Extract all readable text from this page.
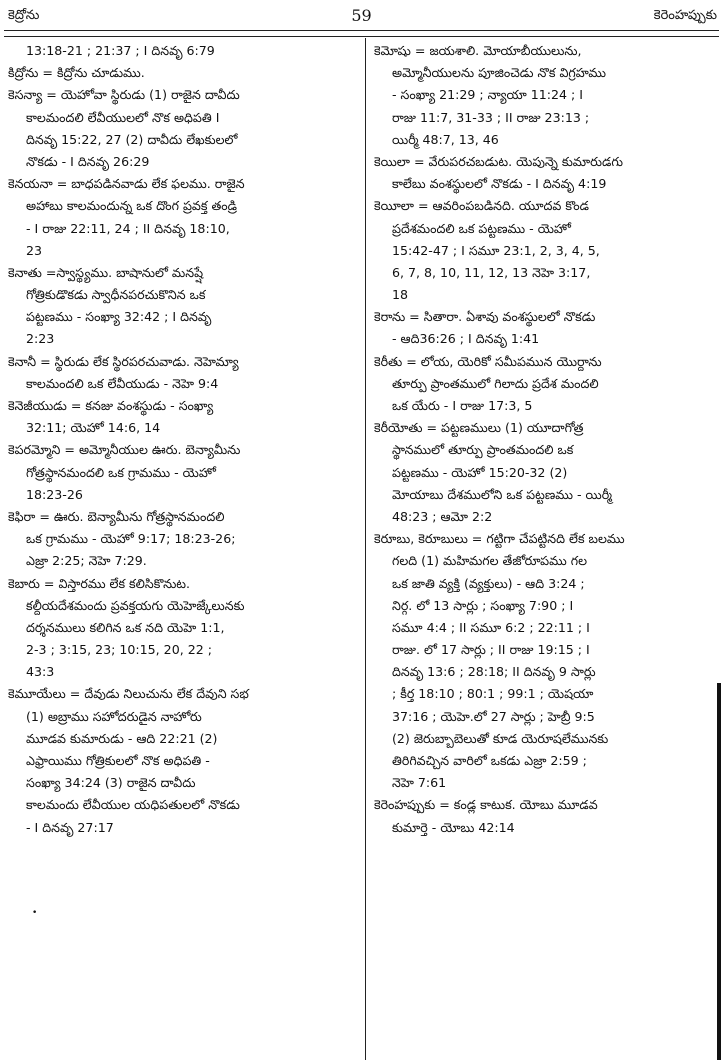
కెద్రోను	59	కెరెంహప్పుకు
13:18-21 ; 21:37 ; I దినవృ 6:79
కిద్రోను = కిద్రోను చూడుము.
కెసన్యా = యెహోవా స్థిరుడు (1) రాజైన దావీదు
కాలమందలి లేవీయులలో నొక అధిపతి I
దినవృ 15:22, 27 (2) దావీదు లేఖకులలో
నొకడు - I దినవృ 26:29
కెనయనా = బాధపడినవాడు లేక ఫలము. రాజైన
అహాబు కాలమందున్న ఒక దొంగ ప్రవక్త తండ్రి
- I రాజు 22:11, 24 ; II దినవృ 18:10,
23
కెనాతు =స్వాస్థ్యము. బాషానులో మనష్షే
గోత్రికుడొకడు స్వాధీనపరచుకొనిన ఒక
పట్టణము - సంఖ్యా 32:42 ; I దినవృ
2:23
కెనానీ = స్థిరుడు లేక స్థిరపరచువాడు. నెహెమ్యా
కాలమందలి ఒక లేవీయుడు - నెహె 9:4
కెనెజీయుడు = కనజు వంశస్థుడు - సంఖ్యా
32:11; యెహో 14:6, 14
కెపరమ్మోని = అమ్మోనీయుల ఊరు. బెన్యామీను
గోత్రస్థానమందలి ఒక గ్రామము - యెహో
18:23-26
కెఫిరా = ఊరు. బెన్యామీను గోత్రస్థానమందలి
ఒక గ్రామము - యెహో 9:17; 18:23-26;
ఎజ్రా 2:25; నెహె 7:29.
కెబారు = విస్తారము లేక కలిసికొనుట.
కల్దీయదేశమందు ప్రవక్తయగు యెహెజ్కేలునకు
దర్శనములు కలిగిన ఒక నది యెహె 1:1,
2-3 ; 3:15, 23; 10:15, 20, 22 ;
43:3
కెమూయేలు = దేవుడు నిలుచును లేక దేవుని సభ
(1) అబ్రాము సహోదరుడైన నాహోరు
మూడవ కుమారుడు - ఆది 22:21 (2)
ఎఫ్రాయిము గోత్రికులలో నొక అధిపతి -
సంఖ్యా 34:24 (3) రాజైన దావీదు
కాలమందు లేవీయుల యధిపతులలో నొకడు
- I దినవృ 27:17
కెమోషు = జయశాలి. మోయాబీయులును,
అమ్మోనీయులను పూజించెడు నొక విగ్రహము
- సంఖ్యా 21:29 ; న్యాయా 11:24 ; I
రాజు 11:7, 31-33 ; II రాజు 23:13 ;
యిర్మీ 48:7, 13, 46
కెయిలా = వేరుపరచబడుట. యెపున్నె కుమారుడగు
కాలేబు వంశస్థులలో నొకడు - I దినవృ 4:19
కెయీలా = ఆవరింపబడినది. యూదవ కొండ
ప్రదేశమందలి ఒక పట్టణము - యెహో
15:42-47 ; I సమూ 23:1, 2, 3, 4, 5,
6, 7, 8, 10, 11, 12, 13 నెహె 3:17,
18
కెరాను = సితారా. ఏశావు వంశస్థులలో నొకడు
- ఆది36:26 ; I దినవృ 1:41
కెరీతు = లోయ, యెరికో సమీపమున యొర్దాను
తూర్పు ప్రాంతములో గిలాదు ప్రదేశ మందలి
ఒక యేరు - I రాజు 17:3, 5
కెరీయోతు = పట్టణములు (1) యూదాగోత్ర
స్థానములో తూర్పు ప్రాంతమందలి ఒక
పట్టణము - యెహో 15:20-32 (2)
మోయాబు దేశములోని ఒక పట్టణము - యిర్మీ
48:23 ; ఆమో 2:2
కెరూబు, కెరూబులు = గట్టిగా చేపట్టినది లేక బలము
గలది (1) మహిమగల తేజోరూపము గల
ఒక జాతి వ్యక్తి (వ్యక్తులు) - ఆది 3:24 ;
నిర్గ. లో 13 సార్లు ; సంఖ్యా 7:90 ; I
సమూ 4:4 ; II సమూ 6:2 ; 22:11 ; I
రాజు. లో 17 సార్లు ; II రాజు 19:15 ; I
దినవృ 13:6 ; 28:18; II దినవృ 9 సార్లు
; కీర్త 18:10 ; 80:1 ; 99:1 ; యెషయా
37:16 ; యెహె.లో 27 సార్లు ; హెబ్రీ 9:5
(2) జెరుబ్బాబెలుతో కూడ యెరూషలేమునకు
తిరిగివచ్చిన వారిలో ఒకడు ఎజ్రా 2:59 ;
నెహె 7:61
కెరెంహప్పుకు = కండ్ల కాటుక. యోబు మూడవ
కుమార్తె - యోబు 42:14
•
